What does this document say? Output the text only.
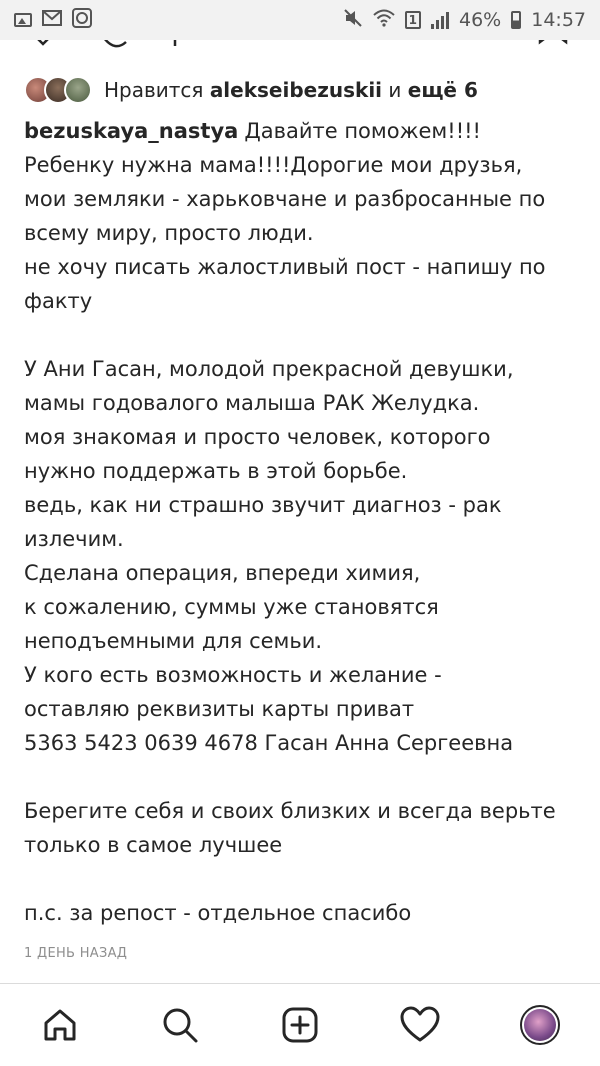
1 46% 14:57
Нравится alekseibezuskii и ещё 6
bezuskaya_nastya Давайте поможем!!!!
Ребенку нужна мама!!!!Дорогие мои друзья,
мои земляки - харьковчане и разбросанные по
всему миру, просто люди.
не хочу писать жалостливый пост - напишу по
факту
У Ани Гасан, молодой прекрасной девушки,
мамы годовалого малыша РАК Желудка.
моя знакомая и просто человек, которого
нужно поддержать в этой борьбе.
ведь, как ни страшно звучит диагноз - рак
излечим.
Сделана операция, впереди химия,
к сожалению, суммы уже становятся
неподъемными для семьи.
У кого есть возможность и желание -
оставляю реквизиты карты приват
5363 5423 0639 4678 Гасан Анна Сергеевна
Берегите себя и своих близких и всегда верьте
только в самое лучшее
п.с. за репост - отдельное спасибо
1 ДЕНЬ НАЗАД
